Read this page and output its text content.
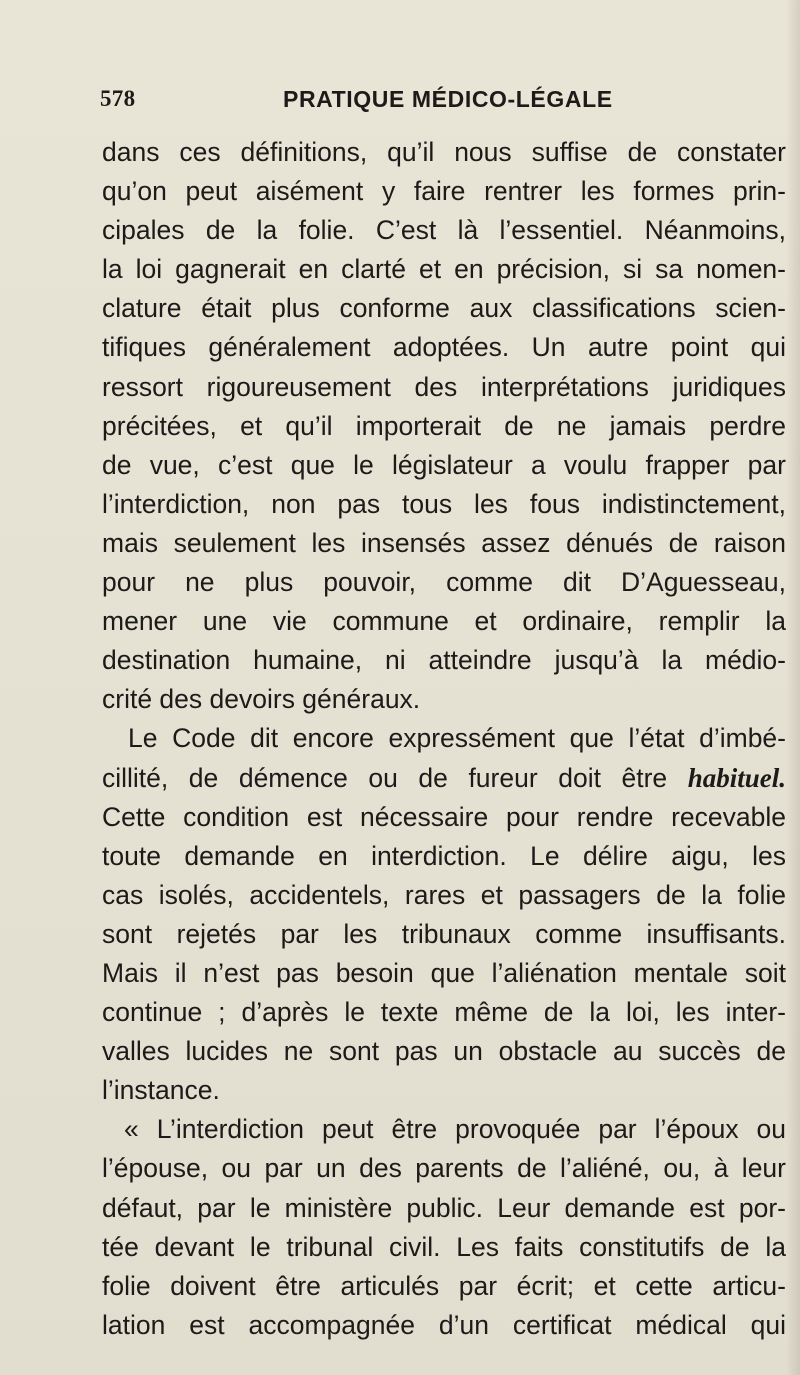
578	PRATIQUE MÉDICO-LÉGALE
dans ces définitions, qu’il nous suffise de constater
qu’on peut aisément y faire rentrer les formes prin-
cipales de la folie. C’est là l’essentiel. Néanmoins,
la loi gagnerait en clarté et en précision, si sa nomen-
clature était plus conforme aux classifications scien-
tifiques généralement adoptées. Un autre point qui
ressort rigoureusement des interprétations juridiques
précitées, et qu’il importerait de ne jamais perdre
de vue, c’est que le législateur a voulu frapper par
l’interdiction, non pas tous les fous indistinctement,
mais seulement les insensés assez dénués de raison
pour ne plus pouvoir, comme dit D’Aguesseau,
mener une vie commune et ordinaire, remplir la
destination humaine, ni atteindre jusqu’à la médio-
crité des devoirs généraux.
Le Code dit encore expressément que l’état d’imbé-
cillité, de démence ou de fureur doit être habituel.
Cette condition est nécessaire pour rendre recevable
toute demande en interdiction. Le délire aigu, les
cas isolés, accidentels, rares et passagers de la folie
sont rejetés par les tribunaux comme insuffisants.
Mais il n’est pas besoin que l’aliénation mentale soit
continue ; d’après le texte même de la loi, les inter-
valles lucides ne sont pas un obstacle au succès de
l’instance.
« L’interdiction peut être provoquée par l’époux ou
l’épouse, ou par un des parents de l’aliéné, ou, à leur
défaut, par le ministère public. Leur demande est por-
tée devant le tribunal civil. Les faits constitutifs de la
folie doivent être articulés par écrit; et cette articu-
lation est accompagnée d’un certificat médical qui
